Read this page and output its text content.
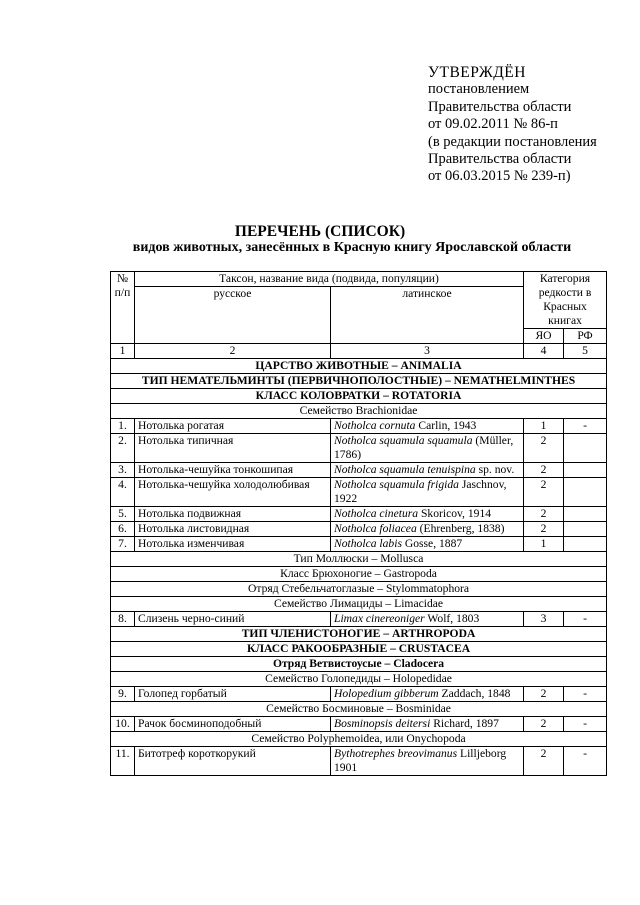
УТВЕРЖДЁН
постановлением
Правительства области
от 09.02.2011 № 86-п
(в редакции постановления
Правительства области
от 06.03.2015 № 239-п)
ПЕРЕЧЕНЬ (СПИСОК)
видов животных, занесённых в Красную книгу Ярославской области
№ п/п	Таксон, название вида (подвида, популяции)		Категория редкости в Красных книгах	
	русское	латинское		
			ЯО	РФ
1	2	3	4	5
ЦАРСТВО ЖИВОТНЫЕ – ANIMALIA				
ТИП НЕМАТЕЛЬМИНТЫ (ПЕРВИЧНОПОЛОСТНЫЕ) – NEMATHELMINTHES				
КЛАСС КОЛОВРАТКИ – ROTATORIA				
Семейство Brachionidae				
1.	Нотолька рогатая	Notholca cornuta Carlin, 1943	1	-
2.	Нотолька типичная	Notholca squamula squamula (Müller, 1786)	2	
3.	Нотолька-чешуйка тонкошипая	Notholca squamula tenuispina sp. nov.	2	
4.	Нотолька-чешуйка холодолюбивая	Notholca squamula frigida Jaschnov, 1922	2	
5.	Нотолька подвижная	Notholca cinetura Skoricov, 1914	2	
6.	Нотолька листовидная	Notholca foliacea (Ehrenberg, 1838)	2	
7.	Нотолька изменчивая	Notholca labis Gosse, 1887	1	
Тип Моллюски – Mollusca				
Класс Брюхоногие – Gastropoda				
Отряд Стебельчатоглазые – Stylommatophora				
Семейство Лимациды – Limacidae				
8.	Слизень черно-синий	Limax cinereoniger Wolf, 1803	3	-
ТИП ЧЛЕНИСТОНОГИЕ – ARTHROPODA				
КЛАСС РАКООБРАЗНЫЕ – CRUSTACEA				
Отряд Ветвистоусые – Cladocera				
Семейство Голопедиды – Holopedidae				
9.	Голопед горбатый	Holopedium gibberum Zaddach, 1848	2	-
Семейство Босминовые – Bosminidae				
10.	Рачок босминоподобный	Bosminopsis deitersi Richard, 1897	2	-
Семейство Polyphemoidea, или Onychopoda				
11.	Битотреф короткорукий	Bythotrephes breovimanus Lilljeborg 1901	2	-
